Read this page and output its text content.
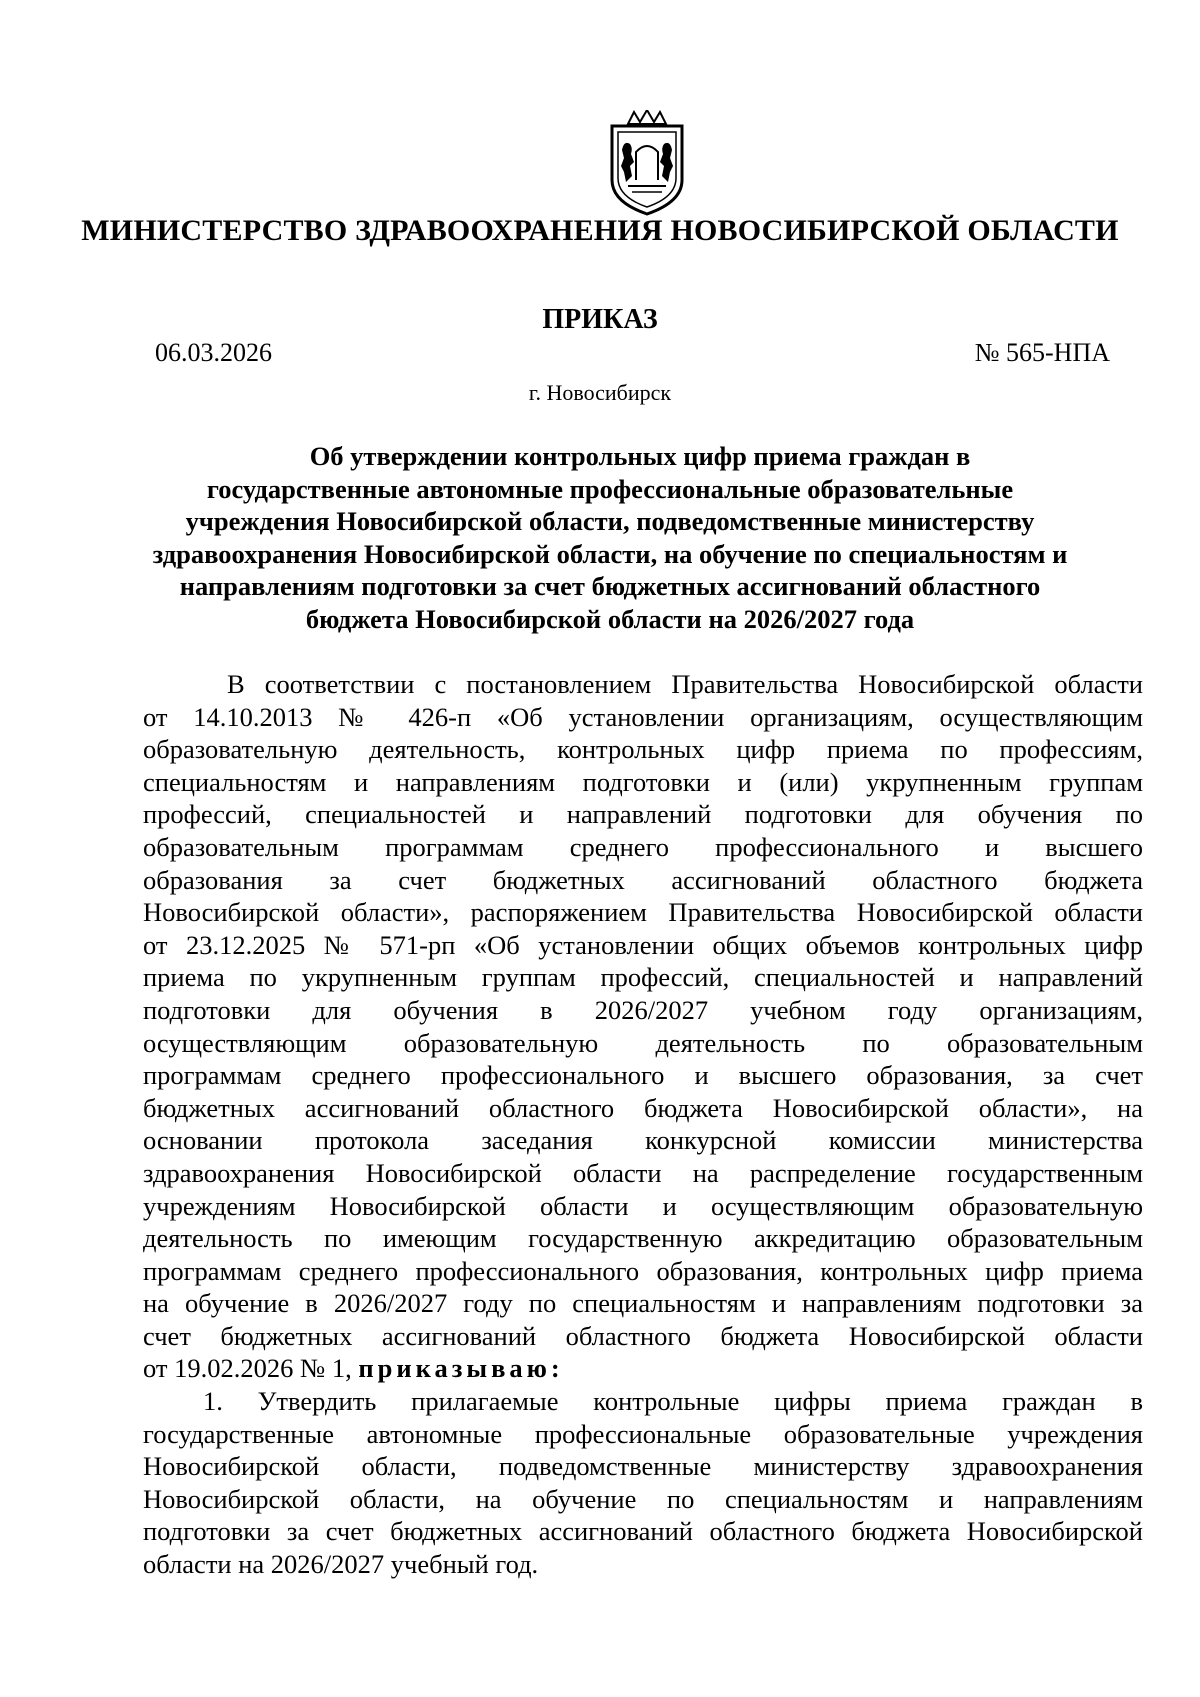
МИНИСТЕРСТВО ЗДРАВООХРАНЕНИЯ НОВОСИБИРСКОЙ ОБЛАСТИ
ПРИКАЗ
06.03.2026	№ 565-НПА
г. Новосибирск
Об утверждении контрольных цифр приема граждан в
государственные автономные профессиональные образовательные
учреждения Новосибирской области, подведомственные министерству
здравоохранения Новосибирской области, на обучение по специальностям и
направлениям подготовки за счет бюджетных ассигнований областного
бюджета Новосибирской области на 2026/2027 года
В соответствии с постановлением Правительства Новосибирской области
от 14.10.2013 № 426-п «Об установлении организациям, осуществляющим
образовательную деятельность, контрольных цифр приема по профессиям,
специальностям и направлениям подготовки и (или) укрупненным группам
профессий, специальностей и направлений подготовки для обучения по
образовательным программам среднего профессионального и высшего
образования за счет бюджетных ассигнований областного бюджета
Новосибирской области», распоряжением Правительства Новосибирской области
от 23.12.2025 № 571-рп «Об установлении общих объемов контрольных цифр
приема по укрупненным группам профессий, специальностей и направлений
подготовки для обучения в 2026/2027 учебном году организациям,
осуществляющим образовательную деятельность по образовательным
программам среднего профессионального и высшего образования, за счет
бюджетных ассигнований областного бюджета Новосибирской области», на
основании протокола заседания конкурсной комиссии министерства
здравоохранения Новосибирской области на распределение государственным
учреждениям Новосибирской области и осуществляющим образовательную
деятельность по имеющим государственную аккредитацию образовательным
программам среднего профессионального образования, контрольных цифр приема
на обучение в 2026/2027 году по специальностям и направлениям подготовки за
счет бюджетных ассигнований областного бюджета Новосибирской области
от 19.02.2026 № 1, приказываю:
1. Утвердить прилагаемые контрольные цифры приема граждан в
государственные автономные профессиональные образовательные учреждения
Новосибирской области, подведомственные министерству здравоохранения
Новосибирской области, на обучение по специальностям и направлениям
подготовки за счет бюджетных ассигнований областного бюджета Новосибирской
области на 2026/2027 учебный год.
